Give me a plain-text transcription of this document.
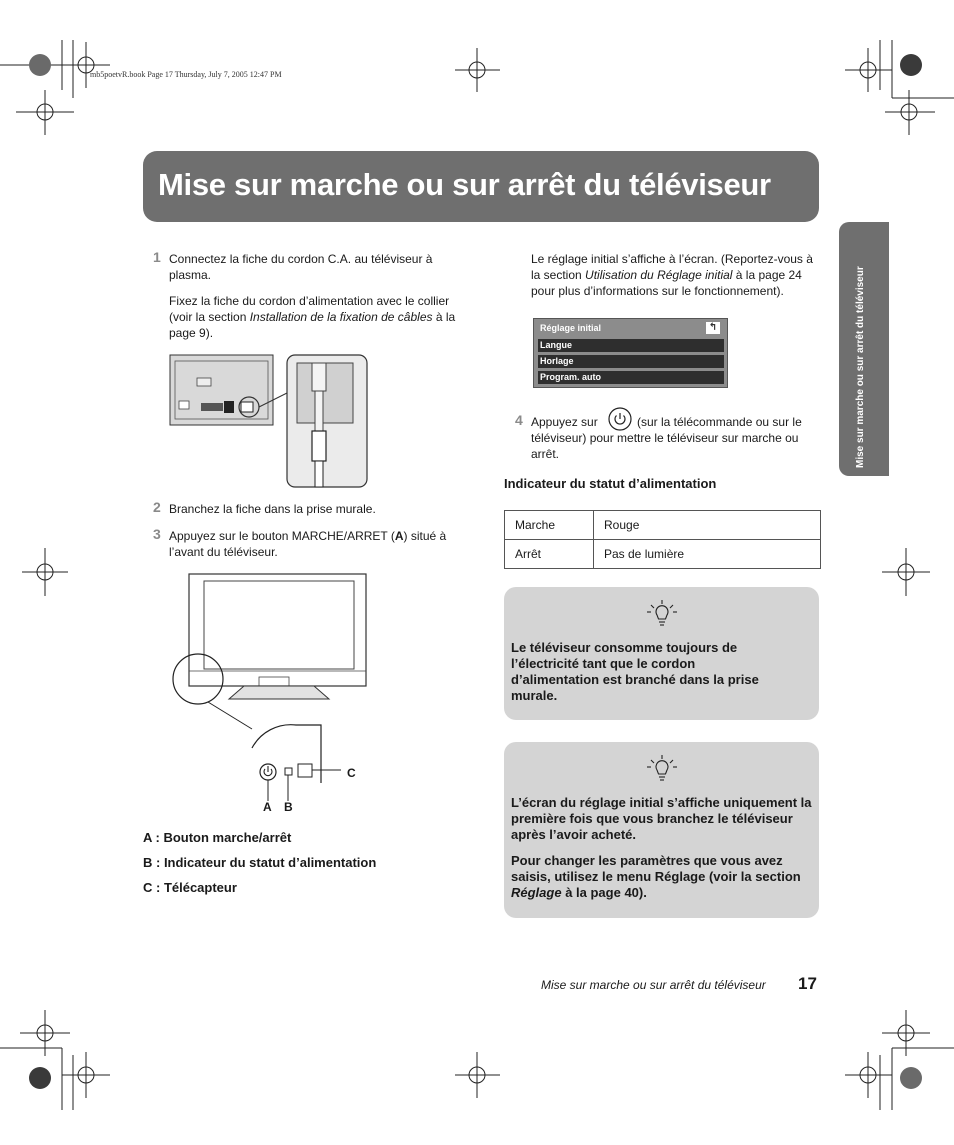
mb5poetvR.book Page 17 Thursday, July 7, 2005 12:47 PM
Mise sur marche ou sur arrêt du téléviseur
Mise sur marche ou sur arrêt du téléviseur
1 Connectez la fiche du cordon C.A. au téléviseur à plasma.
Fixez la fiche du cordon d’alimentation avec le collier (voir la section Installation de la fixation de câbles à la page 9).
2 Branchez la fiche dans la prise murale.
3 Appuyez sur le bouton MARCHE/ARRET (A) situé à l’avant du téléviseur.
C
A B
A : Bouton marche/arrêt
B : Indicateur du statut d’alimentation
C : Télécapteur
Le réglage initial s’affiche à l’écran. (Reportez-vous à la section Utilisation du Réglage initial à la page 24 pour plus d’informations sur le fonctionnement).
Réglage initial	↰
Langue
Horlage
Program. auto
4 Appuyez sur	(sur la télécommande ou sur le téléviseur) pour mettre le téléviseur sur marche ou arrêt.
Indicateur du statut d’alimentation
Marche	Rouge
Arrêt	Pas de lumière
Le téléviseur consomme toujours de l’électricité tant que le cordon d’alimentation est branché dans la prise murale.
L’écran du réglage initial s’affiche uniquement la première fois que vous branchez le téléviseur après l’avoir acheté.
Pour changer les paramètres que vous avez saisis, utilisez le menu Réglage (voir la section Réglage à la page 40).
Mise sur marche ou sur arrêt du téléviseur 17
